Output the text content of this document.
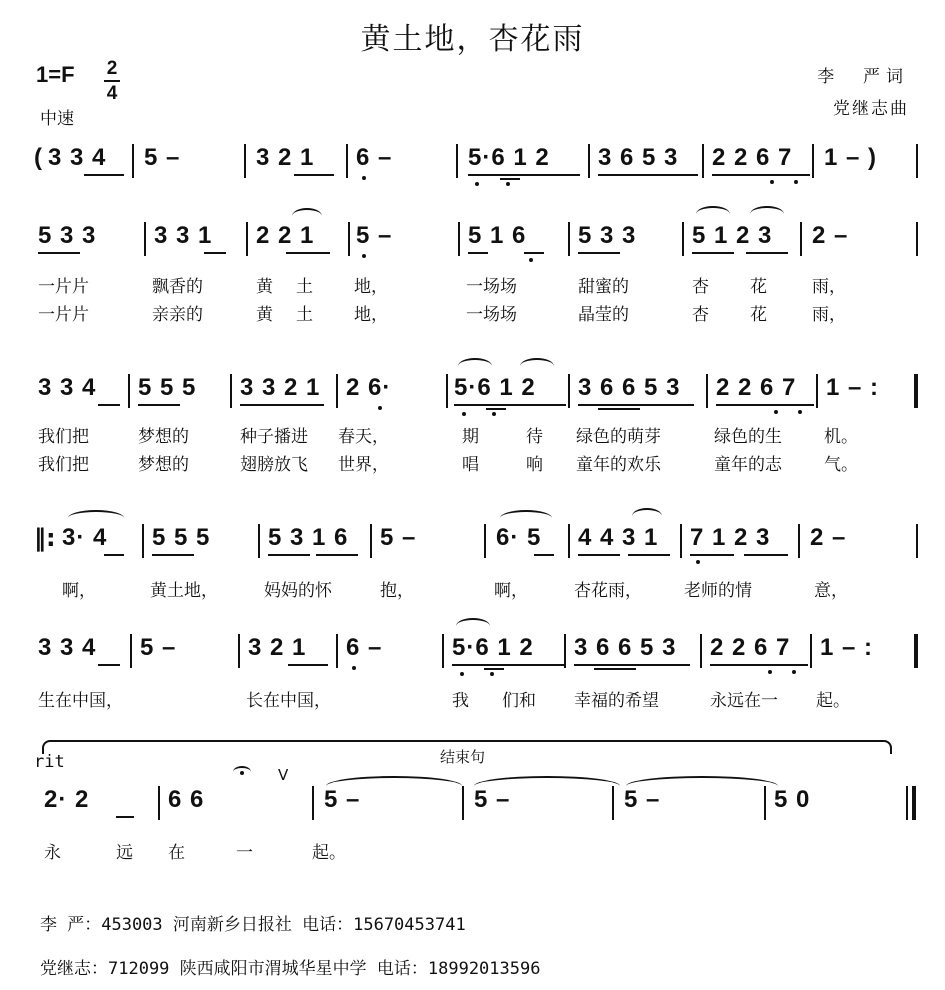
黄土地，杏花雨
1=F 2
4
中速
李  严词
党继志曲
( 3 3 4 5 –	3 2 1 6 –	5·6 1 2 3 6 5 3 2 2 6 7 1 – )
5 3 3 3 3 1 2 2 1 5 –	5 1 6 5 3 3 5 1 2 3 2 –
一片片	飘香的	黄 土 地，	一场场	甜蜜的	杏 花	雨，
一片片	亲亲的	黄 土 地，	一场场	晶莹的	杏 花	雨，
3 3 4 5 5 5 3 3 2 1 2 6·	5·6 1 2 3 6 6 5 3 2 2 6 7 1 – :
我们把	梦想的	种子播进 春天，	期	待 绿色的萌芽	绿色的生 机。
我们把	梦想的	翅膀放飞 世界，	唱	响 童年的欢乐	童年的志 气。
‖: 3· 4 5 5 5 5 3 1 6 5 –	6· 5 4 4 3 1 7 1 2 3 2 –
啊，	黄土地，	妈妈的怀	抱，	啊，	杏花雨， 老师的情	意，
3 3 4 5 –	3 2 1 6 –	5·6 1 2 3 6 6 5 3 2 2 6 7 1 – :
生在中国，	长在中国，	我 们和 幸福的希望	永远在一 起。
结束句
rit
V
2· 2	6 6	5 –	5 –	5 –	5 0
永	远 在	一	起。
李 严：453003 河南新乡日报社 电话：15670453741
党继志：712099 陕西咸阳市渭城华星中学 电话：18992013596
